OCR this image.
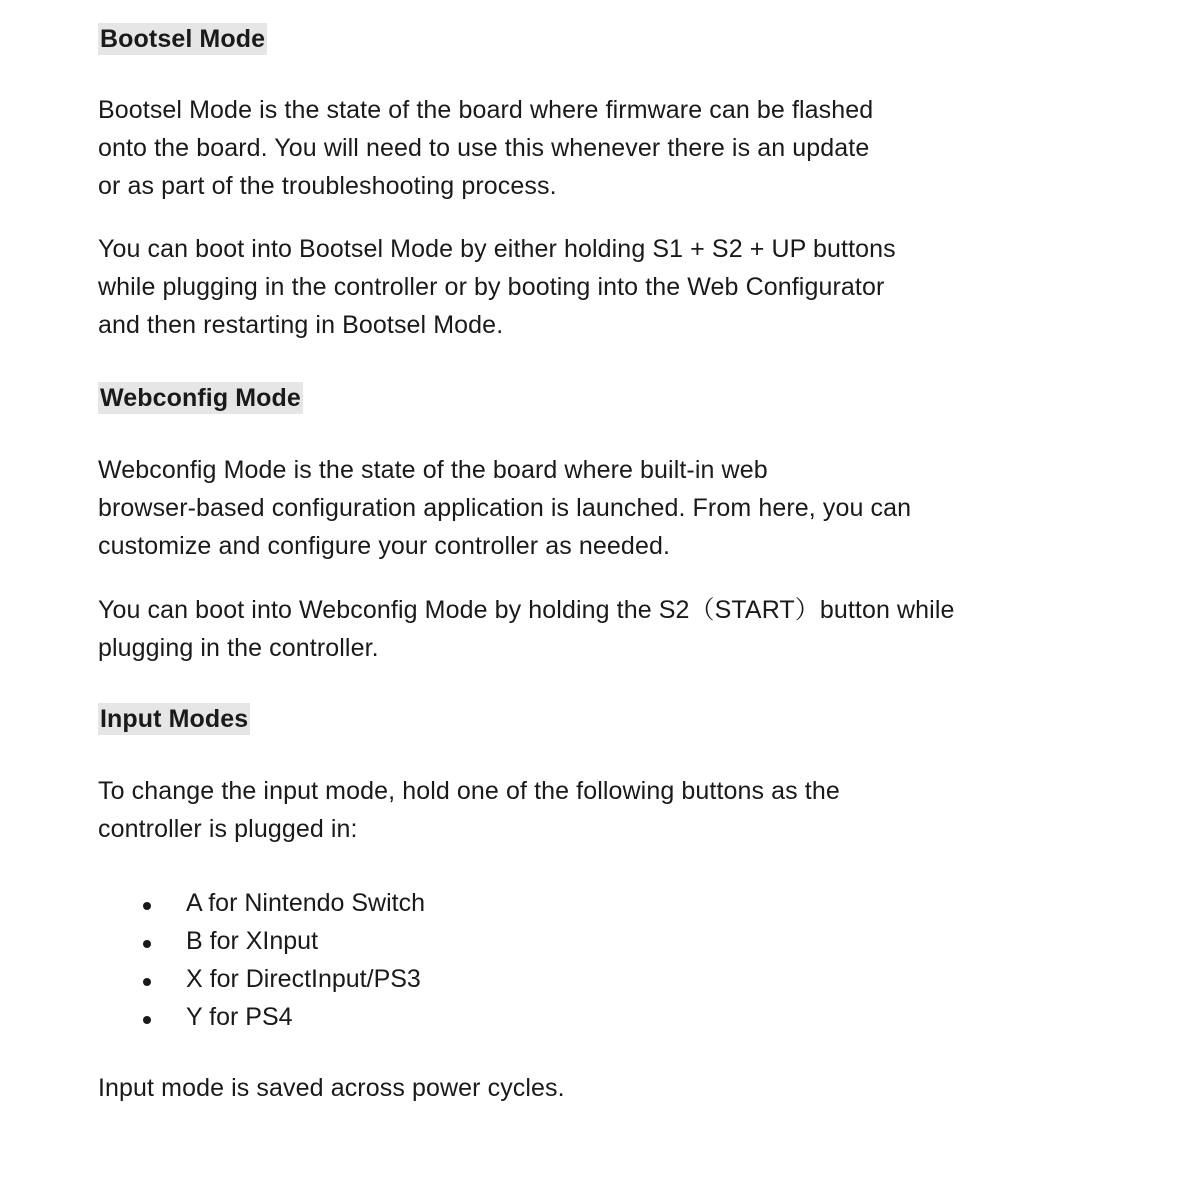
Bootsel Mode

Bootsel Mode is the state of the board where firmware can be flashed
onto the board. You will need to use this whenever there is an update
or as part of the troubleshooting process.

You can boot into Bootsel Mode by either holding S1 + S2 + UP buttons
while plugging in the controller or by booting into the Web Configurator
and then restarting in Bootsel Mode.

Webconfig Mode

Webconfig Mode is the state of the board where built-in web
browser-based configuration application is launched. From here, you can
customize and configure your controller as needed.

You can boot into Webconfig Mode by holding the S2（START）button while
plugging in the controller.

Input Modes

To change the input mode, hold one of the following buttons as the
controller is plugged in:

A for Nintendo Switch
B for XInput
X for DirectInput/PS3
Y for PS4

Input mode is saved across power cycles.
